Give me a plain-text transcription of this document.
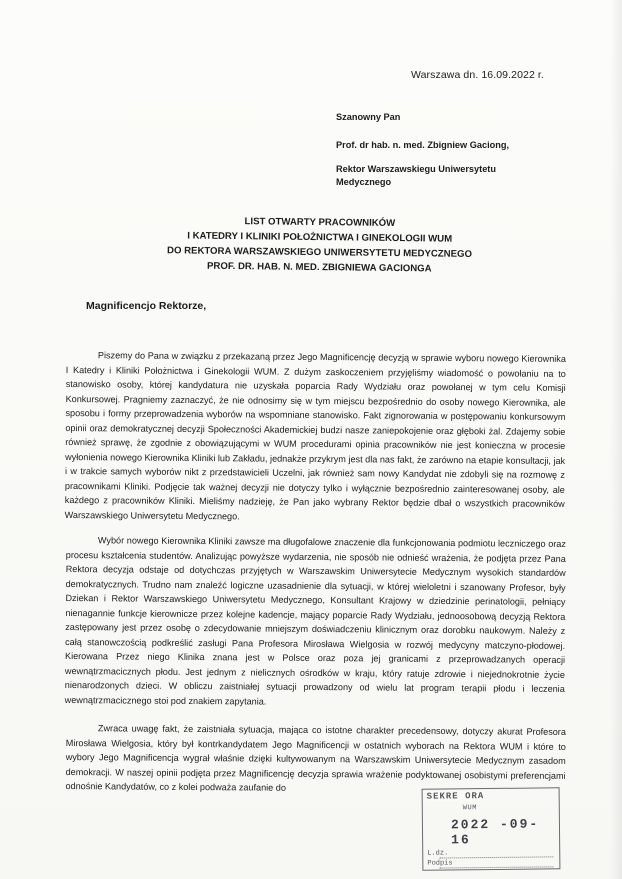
Warszawa dn. 16.09.2022 r.
Szanowny Pan
Prof. dr hab. n. med. Zbigniew Gaciong,
Rektor Warszawskiegu Uniwersytetu Medycznego
LIST OTWARTY PRACOWNIKÓW
I KATEDRY I KLINIKI POŁOŻNICTWA I GINEKOLOGII WUM
DO REKTORA WARSZAWSKIEGO UNIWERSYTETU MEDYCZNEGO
PROF. DR. HAB. N. MED. ZBIGNIEWA GACIONGA
Magnificencjo Rektorze,
Piszemy do Pana w związku z przekazaną przez Jego Magnificencję decyzją w sprawie wyboru nowego Kierownika I Katedry i Kliniki Położnictwa i Ginekologii WUM. Z dużym zaskoczeniem przyjęliśmy wiadomość o powołaniu na to stanowisko osoby, której kandydatura nie uzyskała poparcia Rady Wydziału oraz powołanej w tym celu Komisji Konkursowej. Pragniemy zaznaczyć, że nie odnosimy się w tym miejscu bezpośrednio do osoby nowego Kierownika, ale sposobu i formy przeprowadzenia wyborów na wspomniane stanowisko. Fakt zignorowania w postępowaniu konkursowym opinii oraz demokratycznej decyzji Społeczności Akademickiej budzi nasze zaniepokojenie oraz głęboki żal. Zdajemy sobie również sprawę, że zgodnie z obowiązującymi w WUM procedurami opinia pracowników nie jest konieczna w procesie wyłonienia nowego Kierownika Kliniki lub Zakładu, jednakże przykrym jest dla nas fakt, że zarówno na etapie konsultacji, jak i w trakcie samych wyborów nikt z przedstawicieli Uczelni, jak również sam nowy Kandydat nie zdobyli się na rozmowę z pracownikami Kliniki. Podjęcie tak ważnej decyzji nie dotyczy tylko i wyłącznie bezpośrednio zainteresowanej osoby, ale każdego z pracowników Kliniki. Mieliśmy nadzieję, że Pan jako wybrany Rektor będzie dbał o wszystkich pracowników Warszawskiego Uniwersytetu Medycznego.
Wybór nowego Kierownika Kliniki zawsze ma długofalowe znaczenie dla funkcjonowania podmiotu leczniczego oraz procesu kształcenia studentów. Analizując powyższe wydarzenia, nie sposób nie odnieść wrażenia, że podjęta przez Pana Rektora decyzja odstaje od dotychczas przyjętych w Warszawskim Uniwersytecie Medycznym wysokich standardów demokratycznych. Trudno nam znaleźć logiczne uzasadnienie dla sytuacji, w której wieloletni i szanowany Profesor, były Dziekan i Rektor Warszawskiego Uniwersytetu Medycznego, Konsultant Krajowy w dziedzinie perinatologii, pełniący nienagannie funkcje kierownicze przez kolejne kadencje, mający poparcie Rady Wydziału, jednoosobową decyzją Rektora zastępowany jest przez osobę o zdecydowanie mniejszym doświadczeniu klinicznym oraz dorobku naukowym. Należy z całą stanowczością podkreślić zasługi Pana Profesora Mirosława Wielgosia w rozwój medycyny matczyno-płodowej. Kierowana Przez niego Klinika znana jest w Polsce oraz poza jej granicami z przeprowadzanych operacji wewnątrzmacicznych płodu. Jest jednym z nielicznych ośrodków w kraju, który ratuje zdrowie i niejednokrotnie życie nienarodzonych dzieci. W obliczu zaistniałej sytuacji prowadzony od wielu lat program terapii płodu i leczenia wewnątrzmacicznego stoi pod znakiem zapytania.
Zwraca uwagę fakt, że zaistniała sytuacja, mająca co istotne charakter precedensowy, dotyczy akurat Profesora Mirosława Wielgosia, który był kontrkandydatem Jego Magnificencji w ostatnich wyborach na Rektora WUM i które to wybory Jego Magnificencja wygrał właśnie dzięki kultywowanym na Warszawskim Uniwersytecie Medycznym zasadom demokracji. W naszej opinii podjęta przez Magnificencję decyzja sprawia wrażenie podyktowanej osobistymi preferencjami odnośnie Kandydatów, co z kolei podważa zaufanie do
SEKRE ORA
WUM
2022 -09- 16
L.dz.
Podpis
